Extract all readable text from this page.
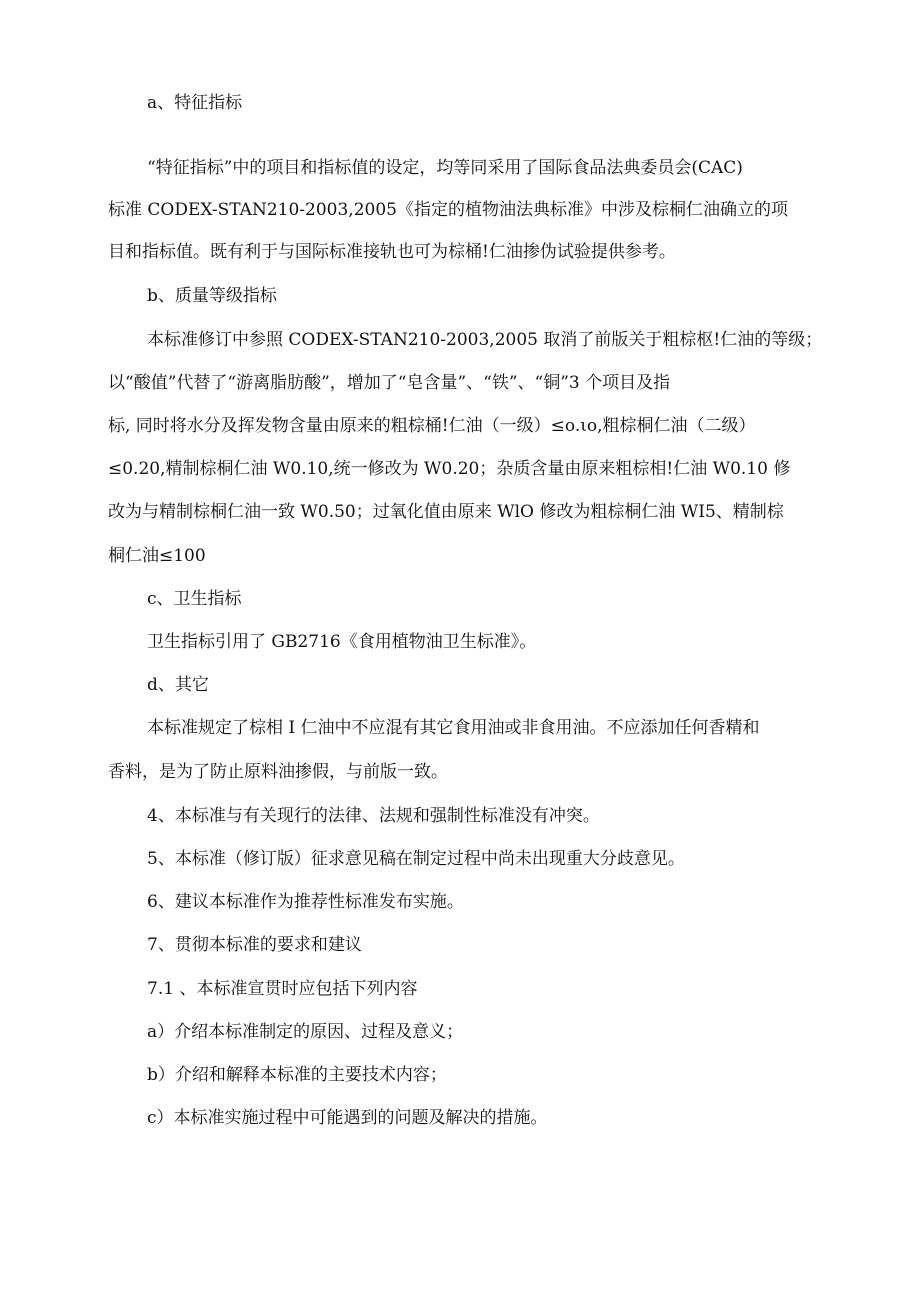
a、特征指标
“特征指标”中的项目和指标值的设定，均等同采用了国际食品法典委员会(CAC)
标准 CODEX-STAN210-2003,2005《指定的植物油法典标准》中涉及棕桐仁油确立的项
目和指标值。既有利于与国际标准接轨也可为棕桶!仁油掺伪试验提供参考。
b、质量等级指标
本标准修订中参照 CODEX-STAN210-2003,2005 取消了前版关于粗棕枢!仁油的等级；
以“酸值”代替了“游离脂肪酸”，增加了“皂含量”、“铁”、“铜”3 个项目及指
标, 同时将水分及挥发物含量由原来的粗棕桶!仁油（一级）≤o.ιo,粗棕桐仁油（二级）
≤0.20,精制棕桐仁油 W0.10,统一修改为 W0.20；杂质含量由原来粗棕相!仁油 W0.10 修
改为与精制棕桐仁油一致 W0.50；过氧化值由原来 WlO 修改为粗棕桐仁油 WI5、精制棕
桐仁油≤100
c、卫生指标
卫生指标引用了 GB2716《食用植物油卫生标准》。
d、其它
本标准规定了棕相 I 仁油中不应混有其它食用油或非食用油。不应添加任何香精和
香料，是为了防止原料油掺假，与前版一致。
4、本标准与有关现行的法律、法规和强制性标准没有冲突。
5、本标准（修订版）征求意见稿在制定过程中尚未出现重大分歧意见。
6、建议本标准作为推荐性标准发布实施。
7、贯彻本标准的要求和建议
7.1 、本标准宣贯时应包括下列内容
a）介绍本标准制定的原因、过程及意义；
b）介绍和解释本标准的主要技术内容；
c）本标准实施过程中可能遇到的问题及解决的措施。
